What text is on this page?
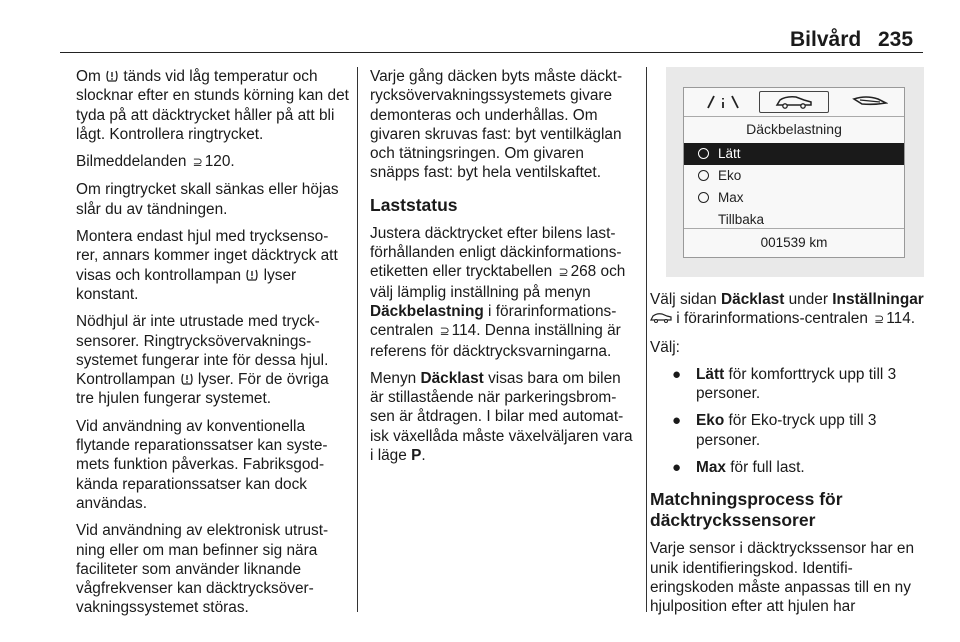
Bilvård 235

Om tänds vid låg temperatur och slocknar efter en stunds körning kan det tyda på att däcktrycket håller på att bli lågt. Kontrollera ringtrycket.

Bilmeddelanden ⊇ 120.

Om ringtrycket skall sänkas eller höjas slår du av tändningen.

Montera endast hjul med trycksenso-rer, annars kommer inget däcktryck att visas och kontrollampan lyser konstant.

Nödhjul är inte utrustade med tryck-sensorer. Ringtrycksövervaknings-systemet fungerar inte för dessa hjul. Kontrollampan lyser. För de övriga tre hjulen fungerar systemet.

Vid användning av konventionella flytande reparationssatser kan syste-mets funktion påverkas. Fabriksgod-kända reparationssatser kan dock användas.

Vid användning av elektronisk utrust-ning eller om man befinner sig nära faciliteter som använder liknande vågfrekvenser kan däcktrycksöver-vakningssystemet störas.

Varje gång däcken byts måste däckt-rycksövervakningssystemets givare demonteras och underhållas. Om givaren skruvas fast: byt ventilkäglan och tätningsringen. Om givaren snäpps fast: byt hela ventilskaftet.

Laststatus

Justera däcktrycket efter bilens last-förhållanden enligt däckinformations-etiketten eller trycktabellen ⊇ 268 och välj lämplig inställning på menyn Däckbelastning i förarinformations-centralen ⊇ 114. Denna inställning är referens för däcktrycksvarningarna.

Menyn Däcklast visas bara om bilen är stillastående när parkeringsbrom-sen är åtdragen. I bilar med automat-isk växellåda måste växelväljaren vara i läge P.

Däckbelastning
Lätt
Eko
Max
Tillbaka
001539 km

Välj sidan Däcklast under Inställningar  i förarinformations-centralen ⊇ 114.

Välj:

● Lätt för komforttryck upp till 3 personer.

● Eko för Eko-tryck upp till 3 personer.

● Max för full last.

Matchningsprocess för däcktryckssensorer

Varje sensor i däcktryckssensor har en unik identifieringskod. Identifi-eringskoden måste anpassas till en ny hjulposition efter att hjulen har
